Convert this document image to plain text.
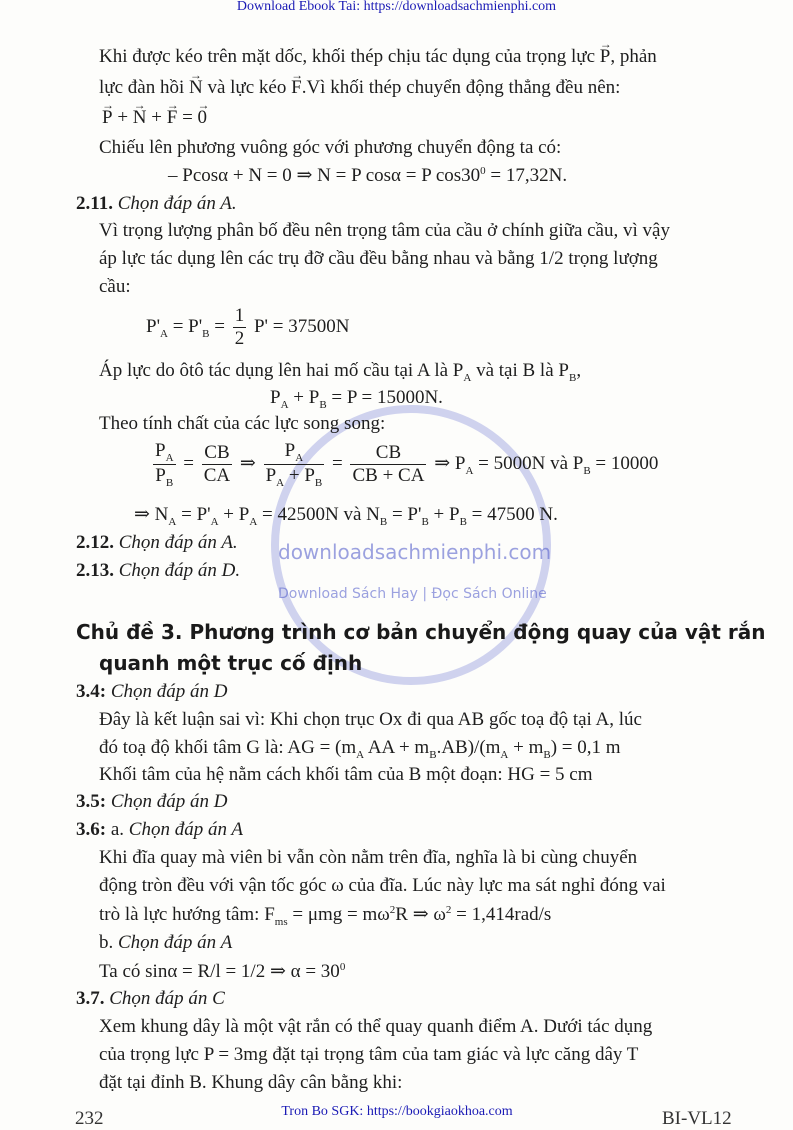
Download Ebook Tai: https://downloadsachmienphi.com
downloadsachmienphi.com
Download Sách Hay | Đọc Sách Online
Khi được kéo trên mặt dốc, khối thép chịu tác dụng của trọng lực → P, phản
lực đàn hồi → N và lực kéo → F.Vì khối thép chuyển động thẳng đều nên:
→ P + → N + → F = → 0
Chiếu lên phương vuông góc với phương chuyển động ta có:
– Pcosα + N = 0 ⇒ N = P cosα = P $\cos 30^0 = 17,32N$.
2.11. Chọn đáp án A.
Vì trọng lượng phân bố đều nên trọng tâm của cầu ở chính giữa cầu, vì vậy
áp lực tác dụng lên các trụ đỡ cầu đều bằng nhau và bằng 1/2 trọng lượng
cầu:
$P'_A = P'_B = \frac{1}{2} P' = 37500N$
Áp lực do ôtô tác dụng lên hai mố cầu tại A là $P_A$ và tại B là $P_B$,
$P_A + P_B = P = 15000N$.
Theo tính chất của các lực song song:
$\frac{P_A}{P_B} = \frac{CB}{CA}$ ⇒ $\frac{P_A}{P_A + P_B} = \frac{CB}{CB + CA}$ ⇒ $P_A = 5000N$ và $P_B = 10000$
⇒ $N_A = P'_A + P_A = 42500N$ và $N_B = P'_B + P_B = 47500$ N.
2.12. Chọn đáp án A.
2.13. Chọn đáp án D.
Chủ đề 3. Phương trình cơ bản chuyển động quay của vật rắn
quanh một trục cố định
3.4: Chọn đáp án D
Đây là kết luận sai vì: Khi chọn trục Ox đi qua AB gốc toạ độ tại A, lúc
đó toạ độ khối tâm G là: AG = ($m_A$ AA + $m_B.AB)/(m_A + m_B) = 0,1$ m
Khối tâm của hệ nằm cách khối tâm của B một đoạn: HG = 5 cm
3.5: Chọn đáp án D
3.6: a. Chọn đáp án A
Khi đĩa quay mà viên bi vẫn còn nằm trên đĩa, nghĩa là bi cùng chuyển
động tròn đều với vận tốc góc ω của đĩa. Lúc này lực ma sát nghỉ đóng vai
trò là lực hướng tâm: $F_{ms} = \mu mg = m\omega^2R$ ⇒ $\omega^2 = 1,414rad/s$
b. Chọn đáp án A
Ta có sinα = R/l = 1/2 ⇒ $\alpha = 30^0$
3.7. Chọn đáp án C
Xem khung dây là một vật rắn có thể quay quanh điểm A. Dưới tác dụng
của trọng lực P = 3mg đặt tại trọng tâm của tam giác và lực căng dây T
đặt tại đỉnh B. Khung dây cân bằng khi:
232	BI-VL12
Tron Bo SGK: https://bookgiaokhoa.com
